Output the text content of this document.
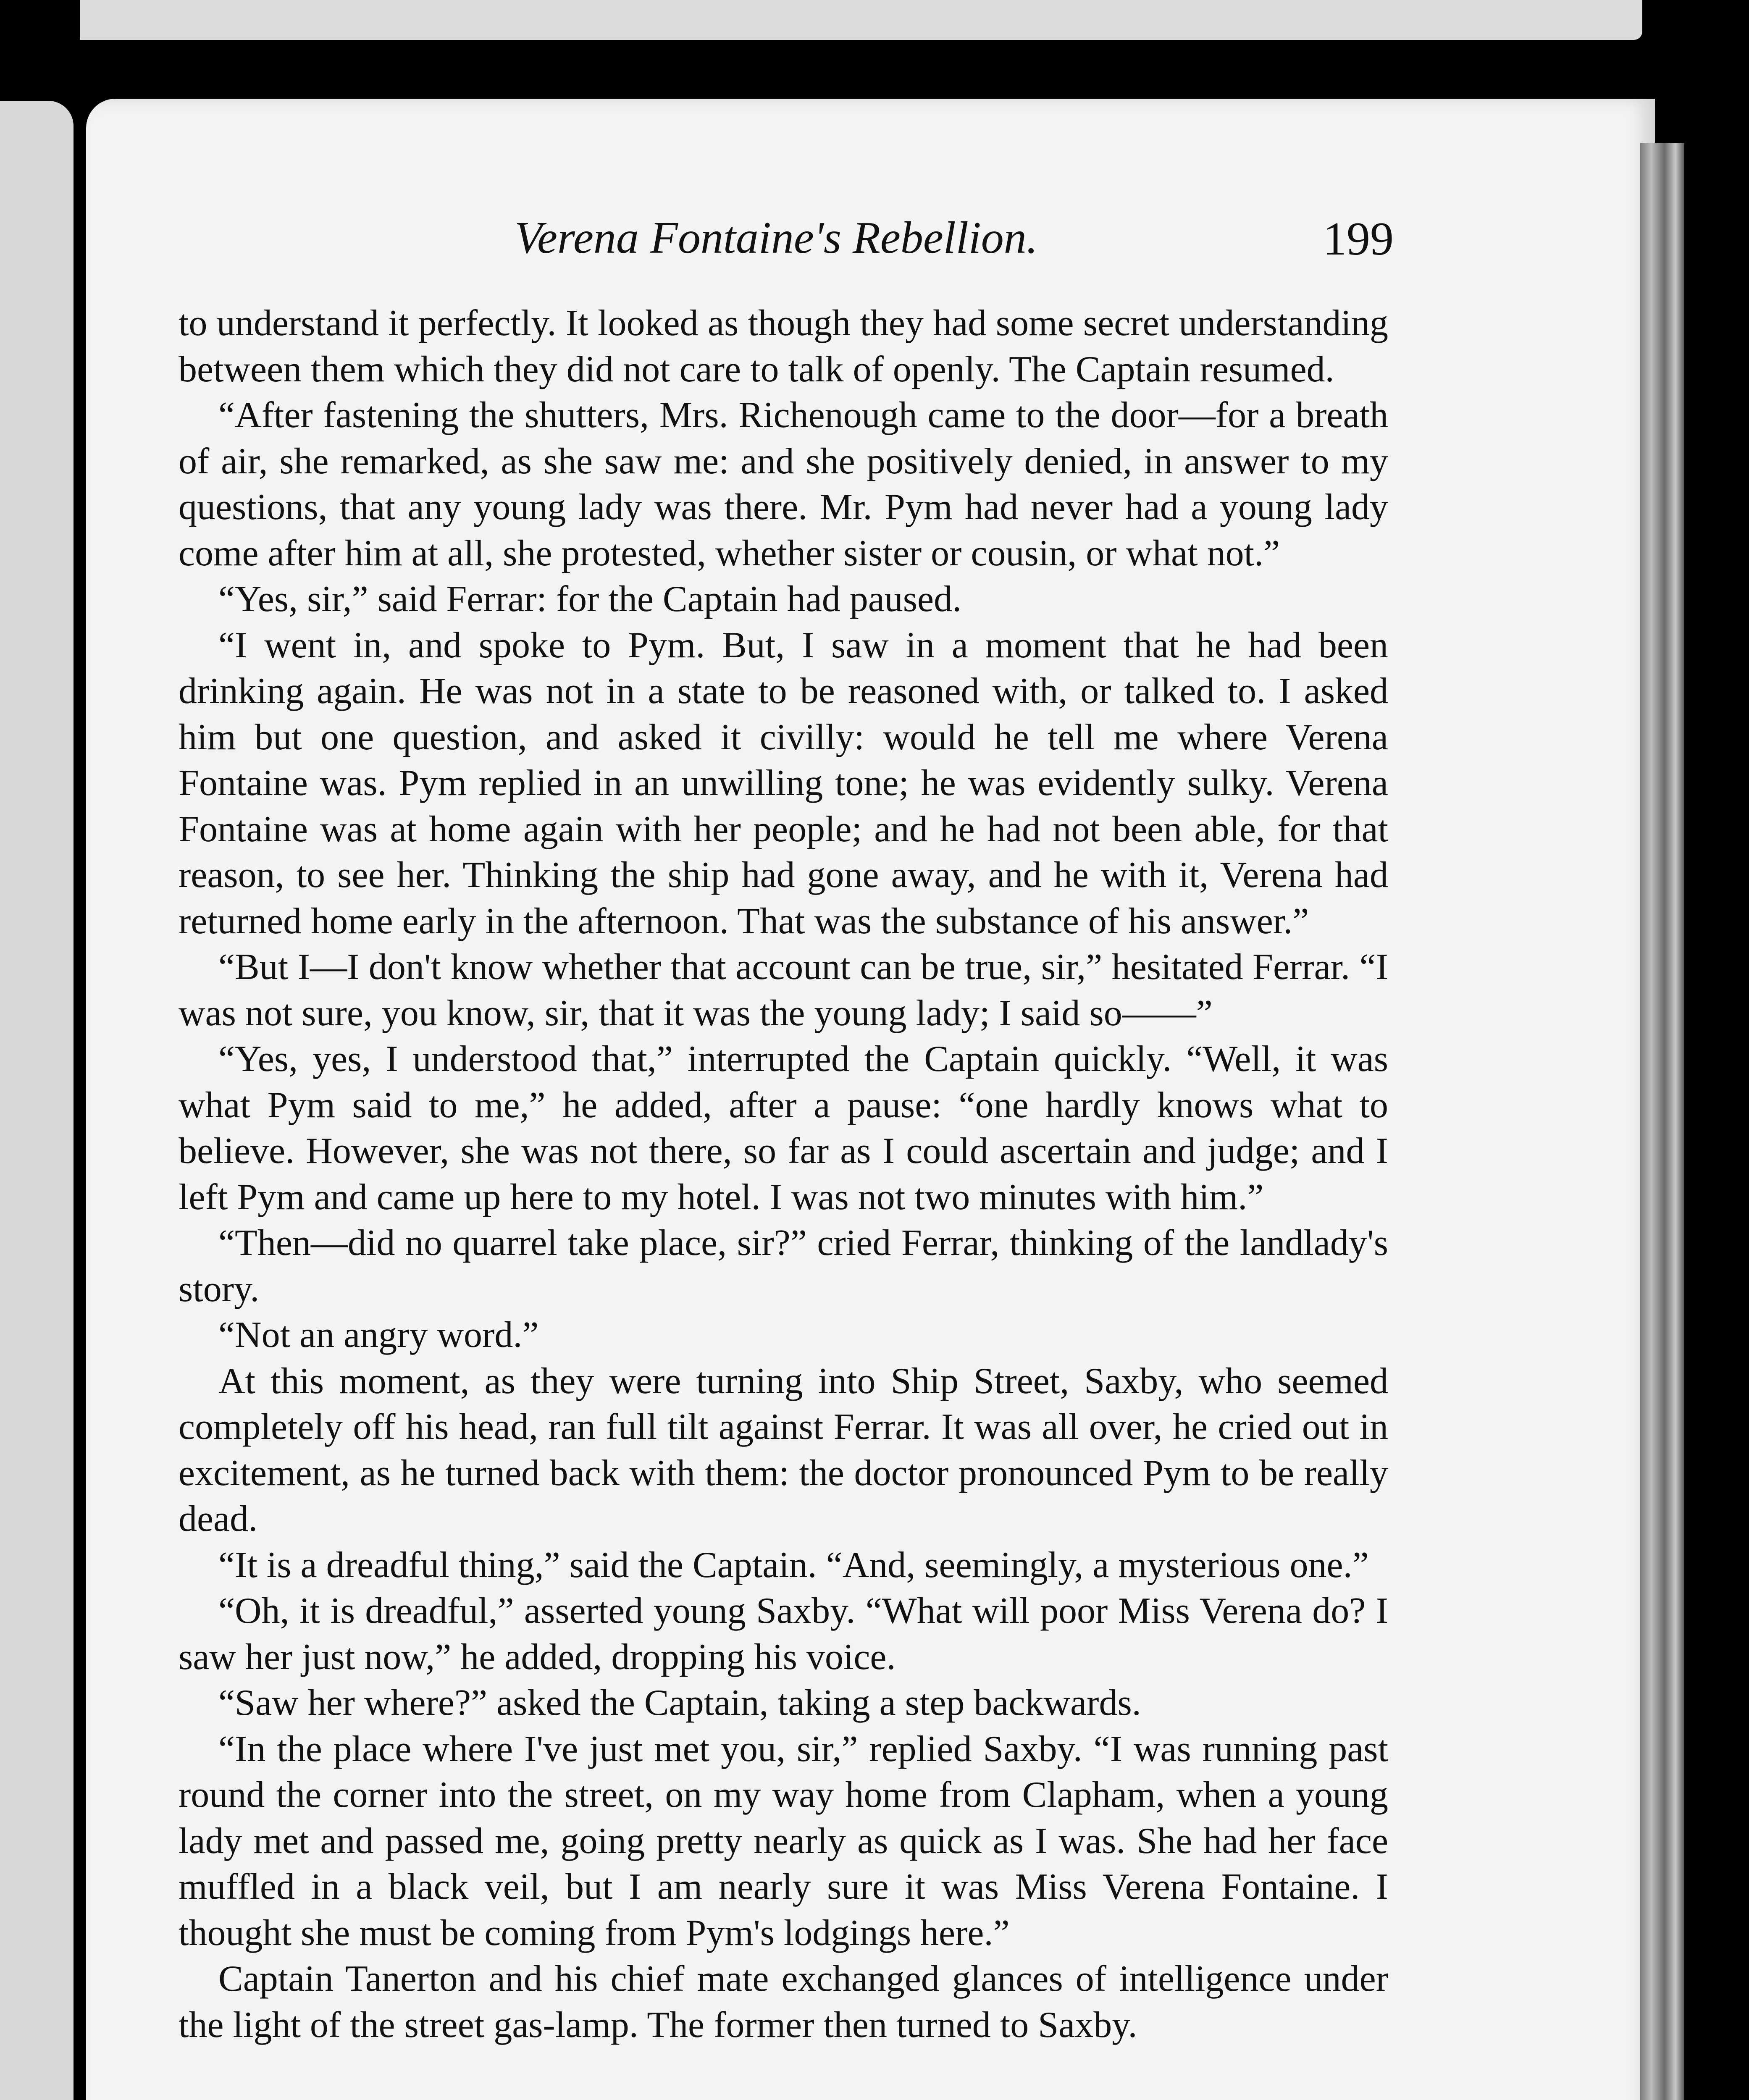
Verena Fontaine's Rebellion.	199

to understand it perfectly. It looked as though they had some secret understanding between them which they did not care to talk of openly. The Captain resumed.

“After fastening the shutters, Mrs. Richenough came to the door—for a breath of air, she remarked, as she saw me: and she positively denied, in answer to my questions, that any young lady was there. Mr. Pym had never had a young lady come after him at all, she protested, whether sister or cousin, or what not.”

“Yes, sir,” said Ferrar: for the Captain had paused.

“I went in, and spoke to Pym. But, I saw in a moment that he had been drinking again. He was not in a state to be reasoned with, or talked to. I asked him but one question, and asked it civilly: would he tell me where Verena Fontaine was. Pym replied in an unwilling tone; he was evidently sulky. Verena Fontaine was at home again with her people; and he had not been able, for that reason, to see her. Thinking the ship had gone away, and he with it, Verena had returned home early in the afternoon. That was the substance of his answer.”

“But I—I don't know whether that account can be true, sir,” hesitated Ferrar. “I was not sure, you know, sir, that it was the young lady; I said so——”

“Yes, yes, I understood that,” interrupted the Captain quickly. “Well, it was what Pym said to me,” he added, after a pause: “one hardly knows what to believe. However, she was not there, so far as I could ascertain and judge; and I left Pym and came up here to my hotel. I was not two minutes with him.”

“Then—did no quarrel take place, sir?” cried Ferrar, thinking of the landlady's story.

“Not an angry word.”

At this moment, as they were turning into Ship Street, Saxby, who seemed completely off his head, ran full tilt against Ferrar. It was all over, he cried out in excitement, as he turned back with them: the doctor pronounced Pym to be really dead.

“It is a dreadful thing,” said the Captain. “And, seemingly, a mysterious one.”

“Oh, it is dreadful,” asserted young Saxby. “What will poor Miss Verena do? I saw her just now,” he added, dropping his voice.

“Saw her where?” asked the Captain, taking a step backwards.

“In the place where I've just met you, sir,” replied Saxby. “I was running past round the corner into the street, on my way home from Clapham, when a young lady met and passed me, going pretty nearly as quick as I was. She had her face muffled in a black veil, but I am nearly sure it was Miss Verena Fontaine. I thought she must be coming from Pym's lodgings here.”

Captain Tanerton and his chief mate exchanged glances of intelligence under the light of the street gas-lamp. The former then turned to Saxby.
